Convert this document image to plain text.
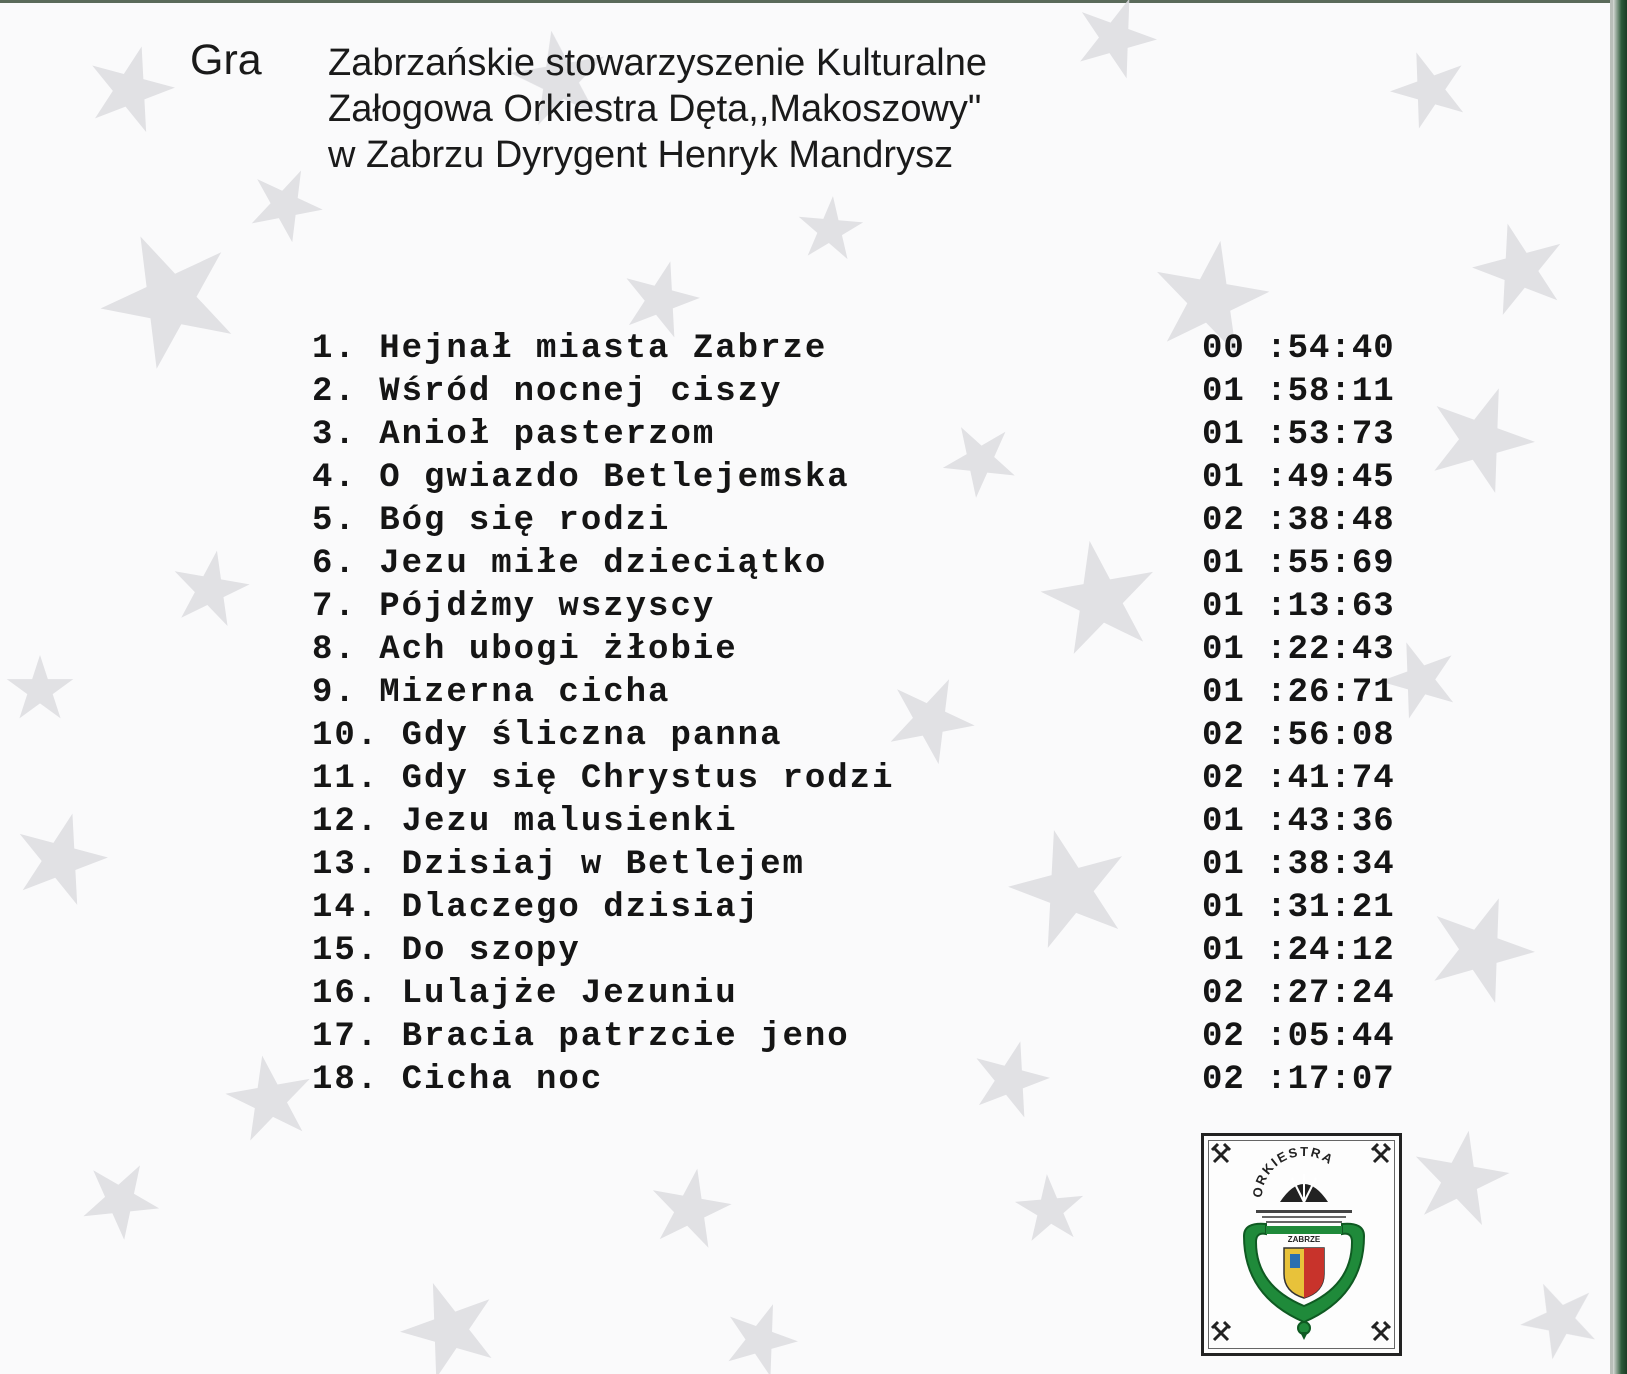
Gra Zabrzańskie stowarzyszenie Kulturalne
Załogowa Orkiestra Dęta,,Makoszowy"
w Zabrzu Dyrygent Henryk Mandrysz
1. Hejnał miasta Zabrze	00 :54:40
2. Wśród nocnej ciszy	01 :58:11
3. Anioł pasterzom	01 :53:73
4. O gwiazdo Betlejemska	01 :49:45
5. Bóg się rodzi	02 :38:48
6. Jezu miłe dzieciątko	01 :55:69
7. Pójdżmy wszyscy	01 :13:63
8. Ach ubogi żłobie	01 :22:43
9. Mizerna cicha	01 :26:71
10. Gdy śliczna panna	02 :56:08
11. Gdy się Chrystus rodzi	02 :41:74
12. Jezu malusienki	01 :43:36
13. Dzisiaj w Betlejem	01 :38:34
14. Dlaczego dzisiaj	01 :31:21
15. Do szopy	01 :24:12
16. Lulajże Jezuniu	02 :27:24
17. Bracia patrzcie jeno	02 :05:44
18. Cicha noc	02 :17:07
ORKIESTRA
ZABRZE
